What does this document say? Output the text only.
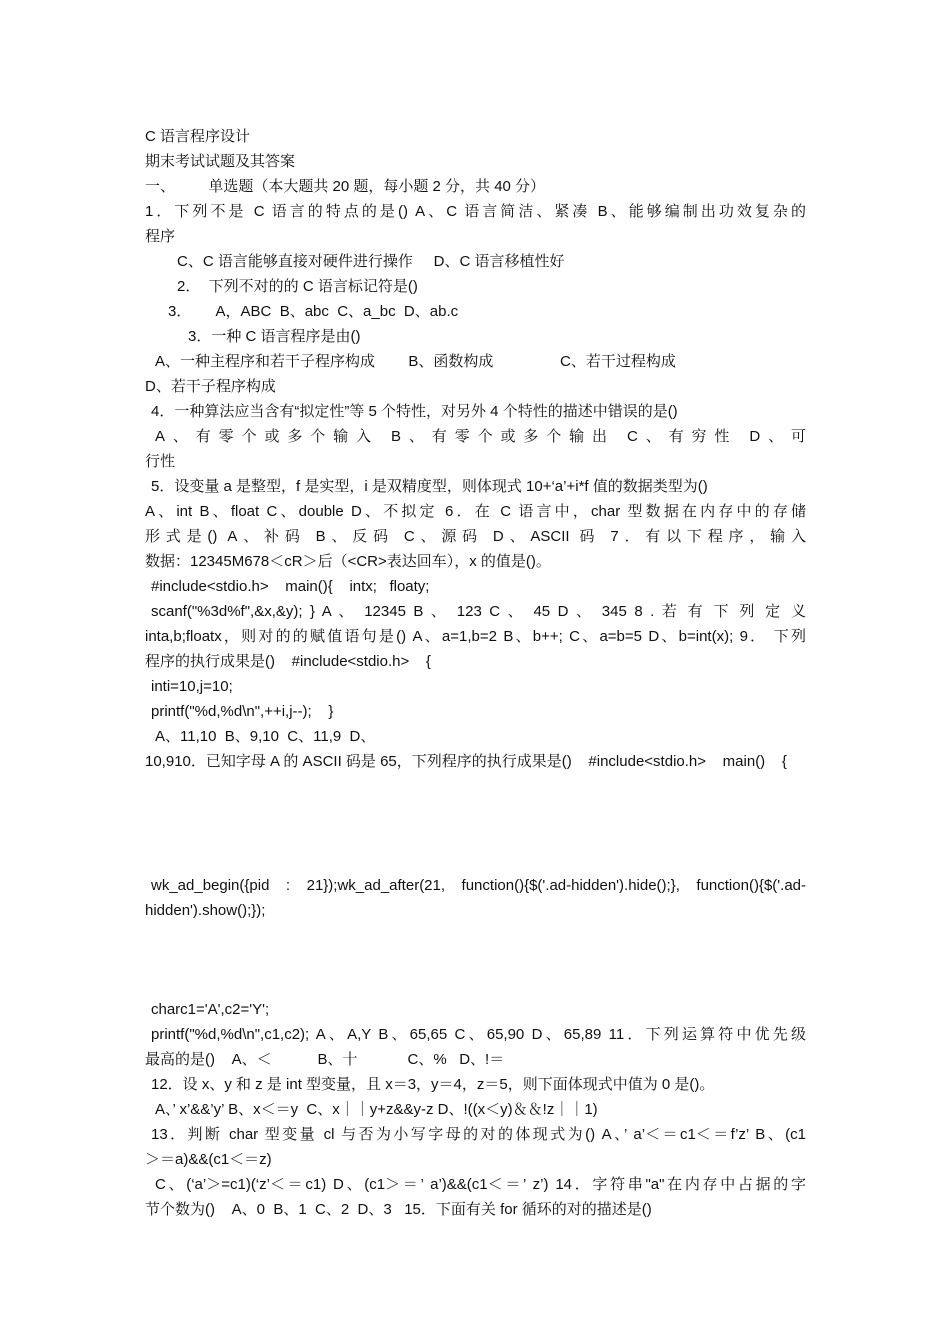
C 语言程序设计
期末考试试题及其答案
一、        单选题（本大题共 20 题，每小题 2 分，共 40 分）
1．下列不是 C 语言的特点的是() A、C 语言简洁、紧凑 B、能够编制出功效复杂的
程序
C、C 语言能够直接对硬件进行操作     D、C 语言移植性好
2．  下列不对的的 C 语言标记符是()
3．      A，ABC  B、abc  C、a_bc  D、ab.c
3．一种 C 语言程序是由()
A、一种主程序和若干子程序构成        B、函数构成                C、若干过程构成
D、若干子程序构成
4．一种算法应当含有“拟定性”等 5 个特性，对另外 4 个特性的描述中错误的是()
A、有零个或多个输入 B、有零个或多个输出 C、有穷性 D、可
行性
5．设变量 a 是整型，f 是实型，i 是双精度型，则体现式 10+‘a’+i*f 值的数据类型为()
A、int B、float C、double D、不拟定 6．在 C 语言中，char 型数据在内存中的存储
形式是() A、补码 B、反码 C、源码 D、ASCII 码 7．有以下程序，输入
数据：12345M678＜cR＞后（<CR>表达回车），x 的值是()。
#include<stdio.h>    main(){    intx;   floaty;
scanf("%3d%f",&x,&y); } A 、 12345 B 、 123 C 、 45 D 、 345 8 . 若 有 下 列 定 义
inta,b;floatx，则对的的赋值语句是() A、a=1,b=2 B、b++; C、a=b=5 D、b=int(x); 9． 下列
程序的执行成果是()    #include<stdio.h>    {
inti=10,j=10;
printf("%d,%d\n",++i,j--);    }
A、11,10  B、9,10  C、11,9  D、
10,910．已知字母 A 的 ASCII 码是 65，下列程序的执行成果是()    #include<stdio.h>    main()    {
wk_ad_begin({pid : 21});wk_ad_after(21, function(){$('.ad-hidden').hide();}, function(){$('.ad-
hidden').show();});
charc1='A',c2='Y';
printf("%d,%d\n",c1,c2); A、A,Y B、65,65 C、65,90 D、65,89 11．下列运算符中优先级
最高的是()    A、＜           B、十            C、%   D、!＝
12．设 x、y 和 z 是 int 型变量，且 x＝3，y＝4，z＝5，则下面体现式中值为 0 是()。
A、’ x’&&’y’ B、x＜＝y  C、x｜｜y+z&&y-z D、!((x＜y)＆＆!z｜｜1)
13．判断 char 型变量 cl 与否为小写字母的对的体现式为() A、’ a’＜＝c1＜＝f’z’ B、(c1
＞＝a)&&(c1＜＝z)
C、(‘a’＞=c1)(‘z’＜＝c1) D、(c1＞＝’ a’)&&(c1＜＝’ z’) 14．字符串"a"在内存中占据的字
节个数为()    A、0  B、1  C、2  D、3   15．下面有关 for 循环的对的描述是()
